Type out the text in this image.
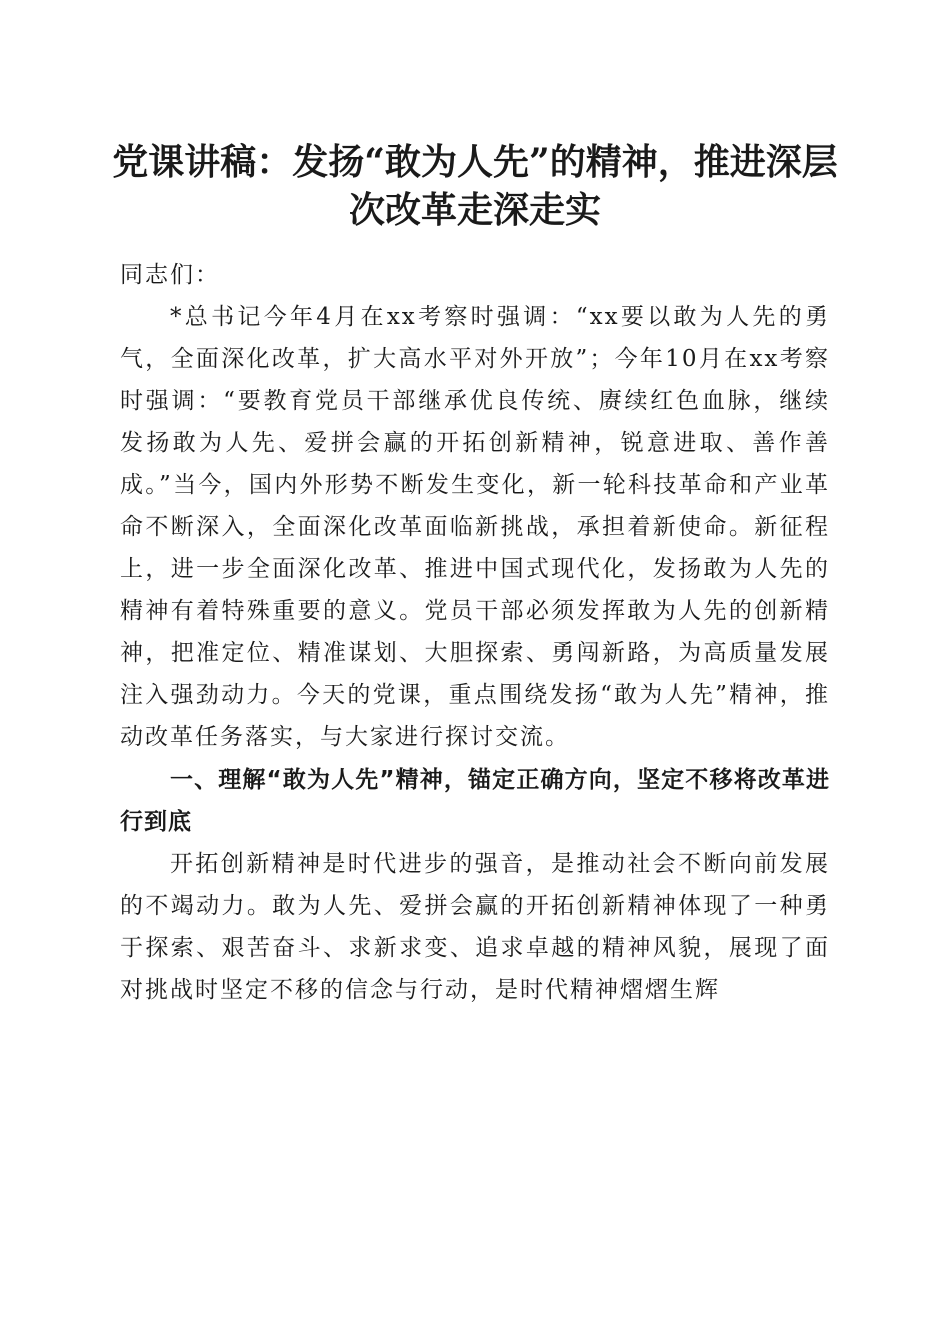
党课讲稿：发扬“敢为人先”的精神，推进深层次改革走深走实

同志们：

*总书记今年4月在xx考察时强调：“xx要以敢为人先的勇气，全面深化改革，扩大高水平对外开放”；今年10月在xx考察时强调：“要教育党员干部继承优良传统、赓续红色血脉，继续发扬敢为人先、爱拼会赢的开拓创新精神，锐意进取、善作善成。”当今，国内外形势不断发生变化，新一轮科技革命和产业革命不断深入，全面深化改革面临新挑战，承担着新使命。新征程上，进一步全面深化改革、推进中国式现代化，发扬敢为人先的精神有着特殊重要的意义。党员干部必须发挥敢为人先的创新精神，把准定位、精准谋划、大胆探索、勇闯新路，为高质量发展注入强劲动力。今天的党课，重点围绕发扬“敢为人先”精神，推动改革任务落实，与大家进行探讨交流。

一、理解“敢为人先”精神，锚定正确方向，坚定不移将改革进行到底

开拓创新精神是时代进步的强音，是推动社会不断向前发展的不竭动力。敢为人先、爱拼会赢的开拓创新精神体现了一种勇于探索、艰苦奋斗、求新求变、追求卓越的精神风貌，展现了面对挑战时坚定不移的信念与行动，是时代精神熠熠生辉
